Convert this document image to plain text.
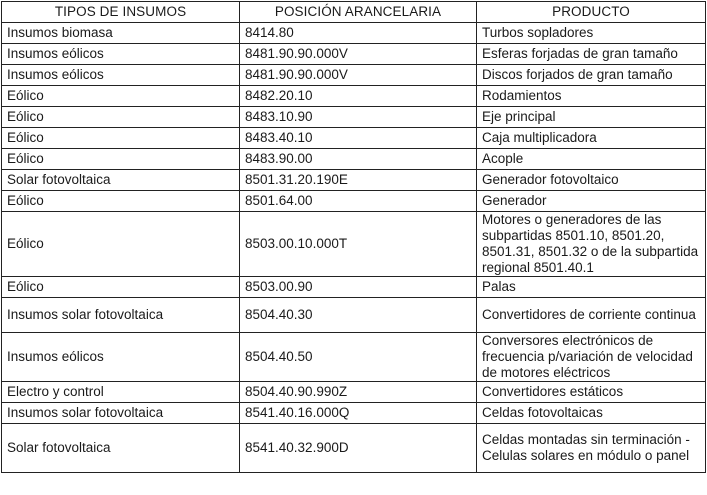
TIPOS DE INSUMOS	POSICIÓN ARANCELARIA	PRODUCTO
Insumos biomasa	8414.80	Turbos sopladores
Insumos eólicos	8481.90.90.000V	Esferas forjadas de gran tamaño
Insumos eólicos	8481.90.90.000V	Discos forjados de gran tamaño
Eólico	8482.20.10	Rodamientos
Eólico	8483.10.90	Eje principal
Eólico	8483.40.10	Caja multiplicadora
Eólico	8483.90.00	Acople
Solar fotovoltaica	8501.31.20.190E	Generador fotovoltaico
Eólico	8501.64.00	Generador
Eólico	8503.00.10.000T	Motores o generadores de las subpartidas 8501.10, 8501.20, 8501.31, 8501.32 o de la subpartida regional 8501.40.1
Eólico	8503.00.90	Palas
Insumos solar fotovoltaica	8504.40.30	Convertidores de corriente continua
Insumos eólicos	8504.40.50	Conversores electrónicos de frecuencia p/variación de velocidad de motores eléctricos
Electro y control	8504.40.90.990Z	Convertidores estáticos
Insumos solar fotovoltaica	8541.40.16.000Q	Celdas fotovoltaicas
Solar fotovoltaica	8541.40.32.900D	Celdas montadas sin terminación - Celulas solares en módulo o panel
